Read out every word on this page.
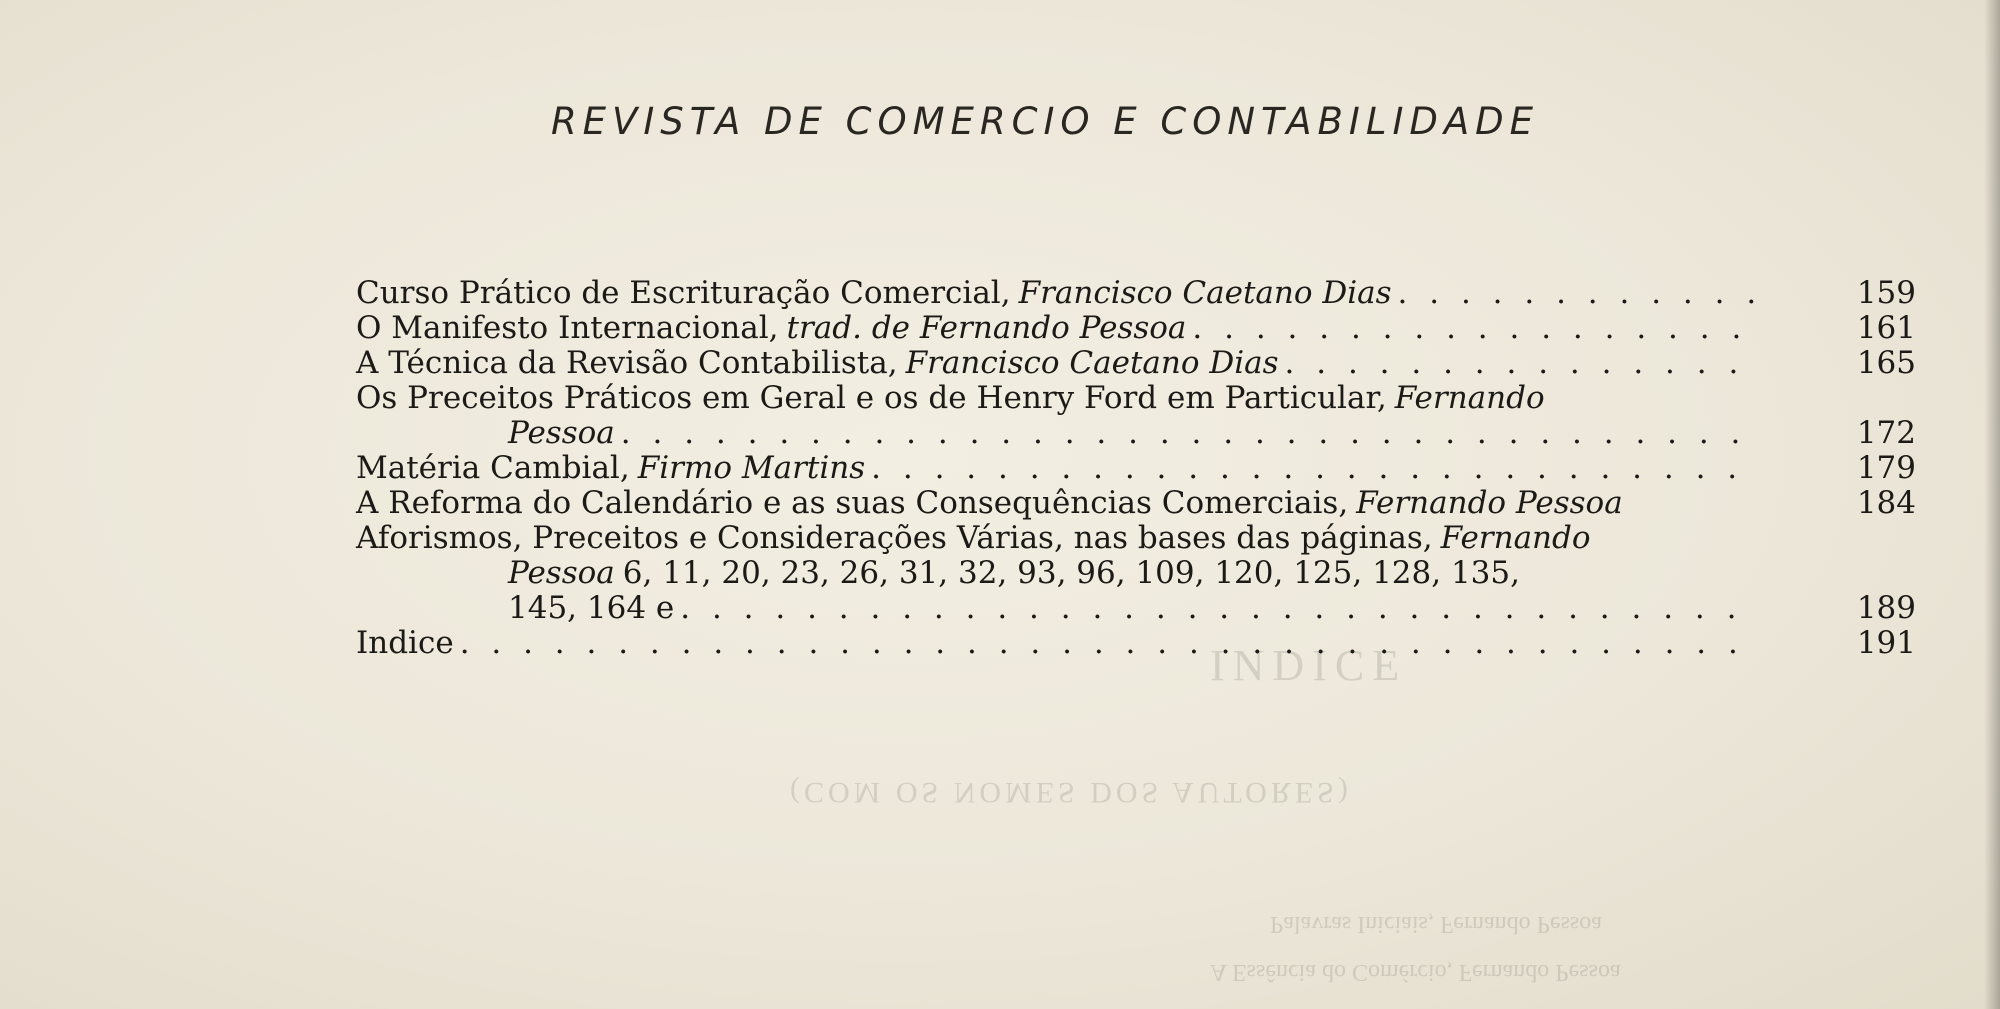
INDICE
(COM OS NOMES DOS AUTORES)
Palavras Iniciais, Fernando Pessoa
A Essência do Comércio, Fernando Pessoa
REVISTA DE COMERCIO E CONTABILIDADE
Curso Prático de Escrituração Comercial, Francisco Caetano Dias . . .	159
O Manifesto Internacional, trad. de Fernando Pessoa . . .	161
A Técnica da Revisão Contabilista, Francisco Caetano Dias . . .	165
Os Preceitos Práticos em Geral e os de Henry Ford em Particular, Fernando
Pessoa . . .	172
Matéria Cambial, Firmo Martins . . .	179
A Reforma do Calendário e as suas Consequências Comerciais, Fernando Pessoa	184
Aforismos, Preceitos e Considerações Várias, nas bases das páginas, Fernando
Pessoa 6, 11, 20, 23, 26, 31, 32, 93, 96, 109, 120, 125, 128, 135,
145, 164 e . . .	189
Indice . . .	191
